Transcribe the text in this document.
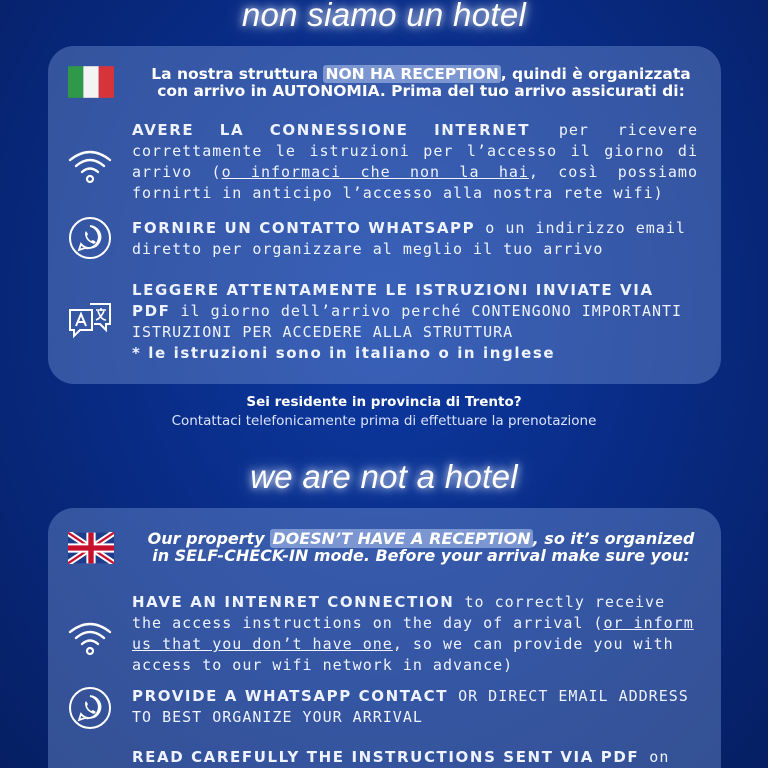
non siamo un hotel
La nostra struttura NON HA RECEPTION , quindi è organizzata con arrivo in AUTONOMIA. Prima del tuo arrivo assicurati di:
AVERE LA CONNESSIONE INTERNET per ricevere correttamente le istruzioni per l’accesso il giorno di arrivo (o informaci che non la hai, così possiamo fornirti in anticipo l’accesso alla nostra rete wifi)
FORNIRE UN CONTATTO WHATSAPP o un indirizzo email diretto per organizzare al meglio il tuo arrivo
LEGGERE ATTENTAMENTE LE ISTRUZIONI INVIATE VIA PDF il giorno dell’arrivo perché CONTENGONO IMPORTANTI ISTRUZIONI PER ACCEDERE ALLA STRUTTURA
* le istruzioni sono in italiano o in inglese
Sei residente in provincia di Trento?
Contattaci telefonicamente prima di effettuare la prenotazione
we are not a hotel
Our property DOESN’T HAVE A RECEPTION , so it’s organized in SELF-CHECK-IN mode. Before your arrival make sure you:
HAVE AN INTENRET CONNECTION to correctly receive the access instructions on the day of arrival (or inform us that you don’t have one, so we can provide you with access to our wifi network in advance)
PROVIDE A WHATSAPP CONTACT OR DIRECT EMAIL ADDRESS TO BEST ORGANIZE YOUR ARRIVAL
READ CAREFULLY THE INSTRUCTIONS SENT VIA PDF on
